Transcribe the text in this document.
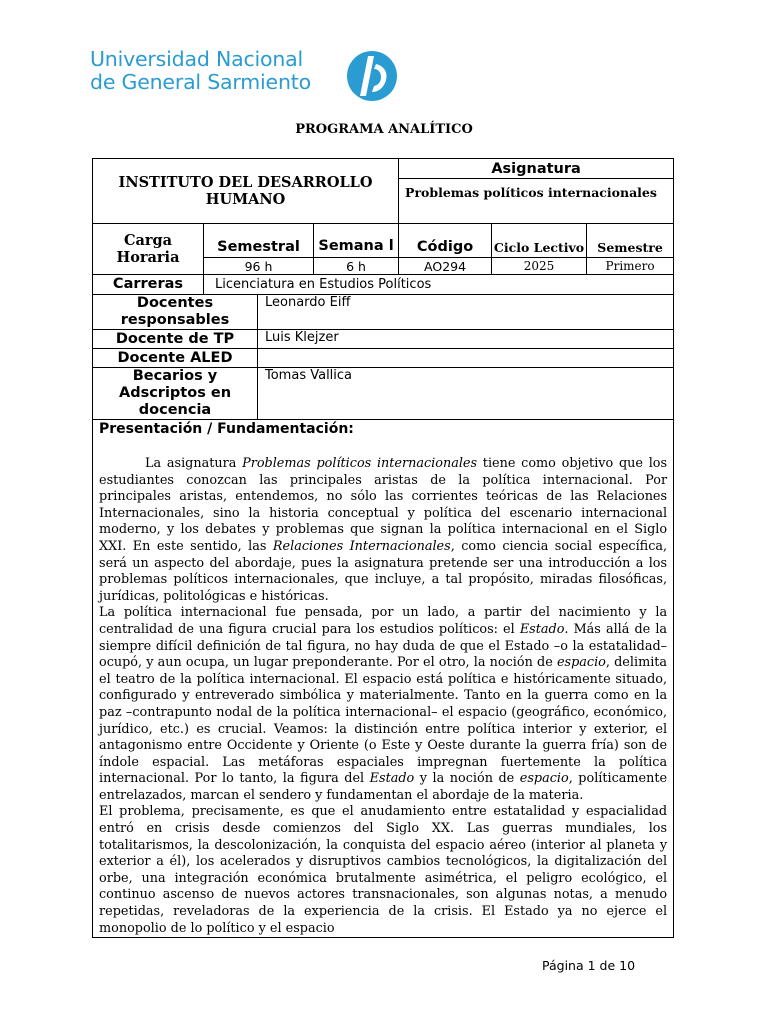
Universidad Nacional
de General Sarmiento
PROGRAMA ANALÍTICO
INSTITUTO DEL DESARROLLO HUMANO				Asignatura		
				Problemas políticos internacionales		
Carga Horaria	Semestral		Semana l	Código	Ciclo Lectivo	Semestre
	96 h		6 h	AO294	2025	Primero
Carreras	Licenciatura en Estudios Políticos					
Docentes responsables		Leonardo Eiff				
Docente de TP		Luis Klejzer				
Docente ALED						
Becarios y Adscriptos en docencia		Tomas Vallica				

Presentación / Fundamentación:

La asignatura Problemas políticos internacionales tiene como objetivo que los estudiantes conozcan las principales aristas de la política internacional. Por principales aristas, entendemos, no sólo las corrientes teóricas de las Relaciones Internacionales, sino la historia conceptual y política del escenario internacional moderno, y los debates y problemas que signan la política internacional en el Siglo XXI. En este sentido, las Relaciones Internacionales, como ciencia social específica, será un aspecto del abordaje, pues la asignatura pretende ser una introducción a los problemas políticos internacionales, que incluye, a tal propósito, miradas filosóficas, jurídicas, politológicas e históricas.

La política internacional fue pensada, por un lado, a partir del nacimiento y la centralidad de una figura crucial para los estudios políticos: el Estado. Más allá de la siempre difícil definición de tal figura, no hay duda de que el Estado –o la estatalidad– ocupó, y aun ocupa, un lugar preponderante. Por el otro, la noción de espacio, delimita el teatro de la política internacional. El espacio está política e históricamente situado, configurado y entreverado simbólica y materialmente. Tanto en la guerra como en la paz –contrapunto nodal de la política internacional– el espacio (geográfico, económico, jurídico, etc.) es crucial. Veamos: la distinción entre política interior y exterior, el antagonismo entre Occidente y Oriente (o Este y Oeste durante la guerra fría) son de índole espacial. Las metáforas espaciales impregnan fuertemente la política internacional. Por lo tanto, la figura del Estado y la noción de espacio, políticamente entrelazados, marcan el sendero y fundamentan el abordaje de la materia.

El problema, precisamente, es que el anudamiento entre estatalidad y espacialidad entró en crisis desde comienzos del Siglo XX. Las guerras mundiales, los totalitarismos, la descolonización, la conquista del espacio aéreo (interior al planeta y exterior a él), los acelerados y disruptivos cambios tecnológicos, la digitalización del orbe, una integración económica brutalmente asimétrica, el peligro ecológico, el continuo ascenso de nuevos actores transnacionales, son algunas notas, a menudo repetidas, reveladoras de la experiencia de la crisis. El Estado ya no ejerce el monopolio de lo político y el espacio						

Página 1 de 10
